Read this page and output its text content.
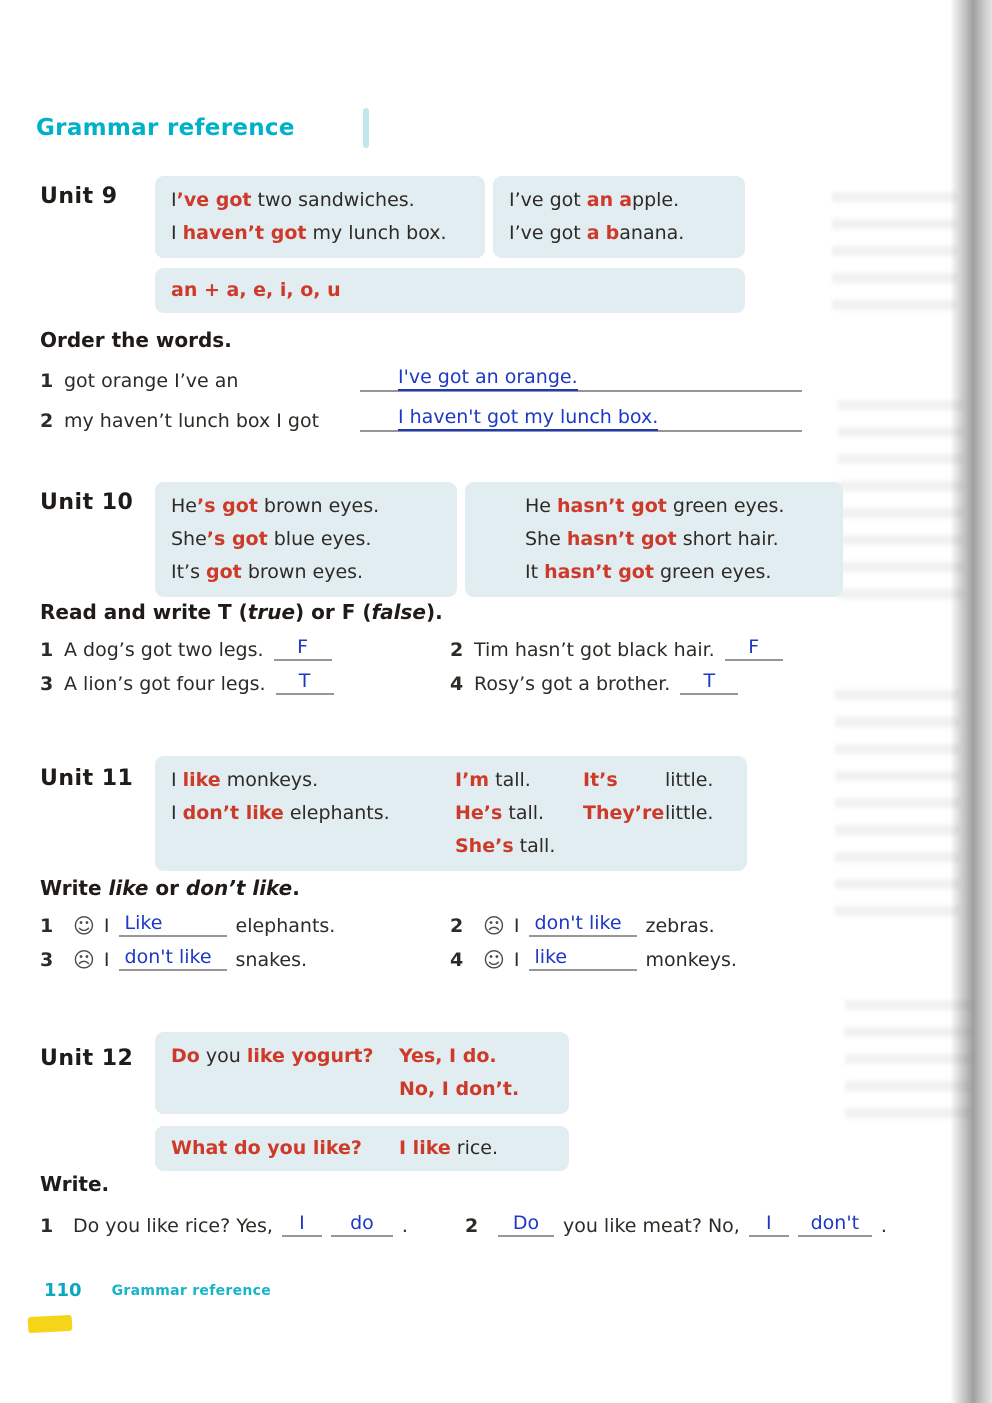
Grammar reference
Unit 9	I’ve got two sandwiches.
I haven’t got my lunch box.
I’ve got an apple.
I’ve got a banana.
an + a, e, i, o, u
Order the words.
1 got orange I’ve an	I've got an orange.
2 my haven’t lunch box I got	I haven't got my lunch box.
Unit 10 He’s got brown eyes.
She’s got blue eyes.
It’s got brown eyes.
He hasn’t got green eyes.
She hasn’t got short hair.
It hasn’t got green eyes.
Read and write T (true) or F (false).
1 A dog’s got two legs.	F	2 Tim hasn’t got black hair.	F
3 A lion’s got four legs.	T	4 Rosy’s got a brother.	T
Unit 11 I like monkeys.
I don’t like elephants.
I’m tall.
He’s tall.
She’s tall.
It’s little.
They’relittle.
Write like or don’t like.
1 ☺ I Like	elephants.	2 ☹ I don't like	zebras.
3 ☹ I don't like	snakes.	4 ☺ I like	monkeys.
Unit 12 Do you like yogurt?	Yes, I do.
No, I don’t.
What do you like?	I like rice.
Write.
1	Do you like rice? Yes,	I	do	.	2	Do	you like meat? No,	I	don't	.
110 Grammar reference
